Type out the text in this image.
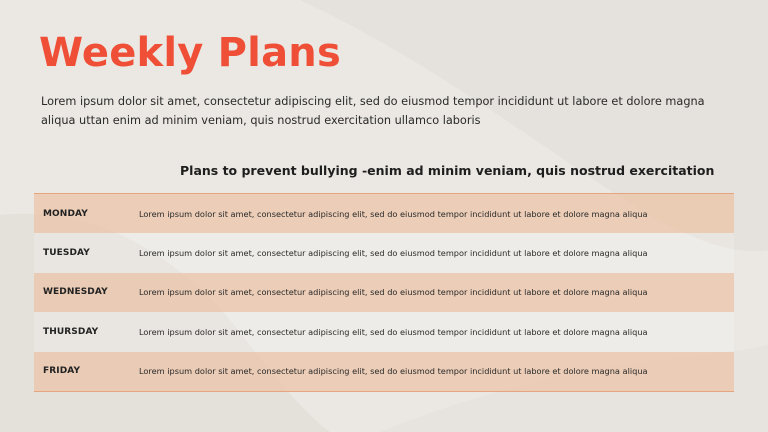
Weekly Plans

Lorem ipsum dolor sit amet, consectetur adipiscing elit, sed do eiusmod tempor incididunt ut labore et dolore magna aliqua uttan enim ad minim veniam, quis nostrud exercitation ullamco laboris

Plans to prevent bullying -enim ad minim veniam, quis nostrud exercitation
MONDAY	Lorem ipsum dolor sit amet, consectetur adipiscing elit, sed do eiusmod tempor incididunt ut labore et dolore magna aliqua
TUESDAY	Lorem ipsum dolor sit amet, consectetur adipiscing elit, sed do eiusmod tempor incididunt ut labore et dolore magna aliqua
WEDNESDAY	Lorem ipsum dolor sit amet, consectetur adipiscing elit, sed do eiusmod tempor incididunt ut labore et dolore magna aliqua
THURSDAY	Lorem ipsum dolor sit amet, consectetur adipiscing elit, sed do eiusmod tempor incididunt ut labore et dolore magna aliqua
FRIDAY	Lorem ipsum dolor sit amet, consectetur adipiscing elit, sed do eiusmod tempor incididunt ut labore et dolore magna aliqua
